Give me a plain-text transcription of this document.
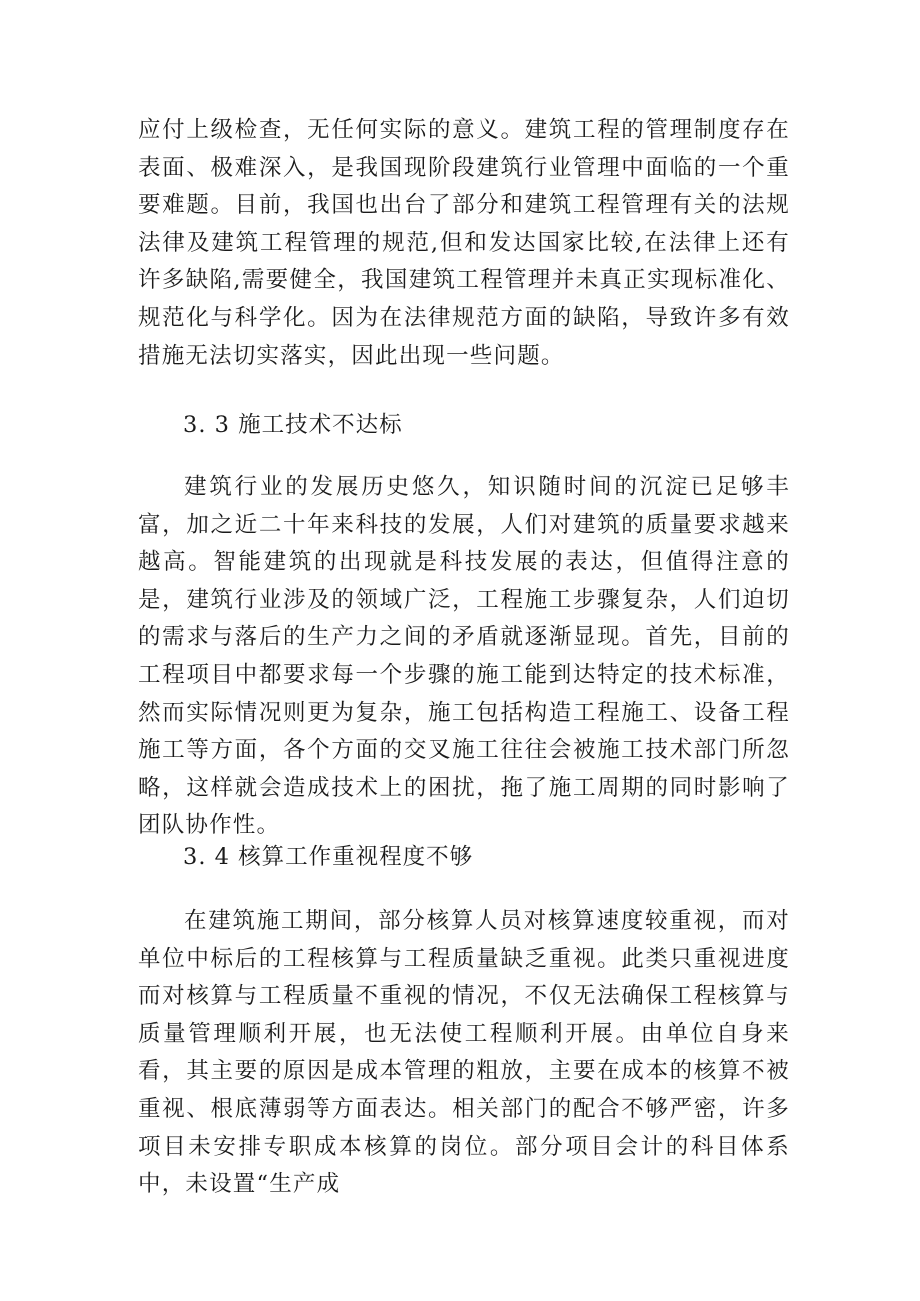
应付上级检查，无任何实际的意义。建筑工程的管理制度存在表面、极难深入，是我国现阶段建筑行业管理中面临的一个重要难题。目前，我国也出台了部分和建筑工程管理有关的法规法律及建筑工程管理的规范,但和发达国家比较,在法律上还有许多缺陷,需要健全，我国建筑工程管理并未真正实现标准化、规范化与科学化。因为在法律规范方面的缺陷，导致许多有效措施无法切实落实，因此出现一些问题。

3. 3 施工技术不达标

建筑行业的发展历史悠久，知识随时间的沉淀已足够丰富，加之近二十年来科技的发展，人们对建筑的质量要求越来越高。智能建筑的出现就是科技发展的表达，但值得注意的是，建筑行业涉及的领域广泛，工程施工步骤复杂，人们迫切的需求与落后的生产力之间的矛盾就逐渐显现。首先，目前的工程项目中都要求每一个步骤的施工能到达特定的技术标准，然而实际情况则更为复杂，施工包括构造工程施工、设备工程施工等方面，各个方面的交叉施工往往会被施工技术部门所忽略，这样就会造成技术上的困扰，拖了施工周期的同时影响了团队协作性。

3. 4 核算工作重视程度不够

在建筑施工期间，部分核算人员对核算速度较重视，而对单位中标后的工程核算与工程质量缺乏重视。此类只重视进度而对核算与工程质量不重视的情况，不仅无法确保工程核算与质量管理顺利开展，也无法使工程顺利开展。由单位自身来看，其主要的原因是成本管理的粗放，主要在成本的核算不被重视、根底薄弱等方面表达。相关部门的配合不够严密，许多项目未安排专职成本核算的岗位。部分项目会计的科目体系中，未设置“生产成
